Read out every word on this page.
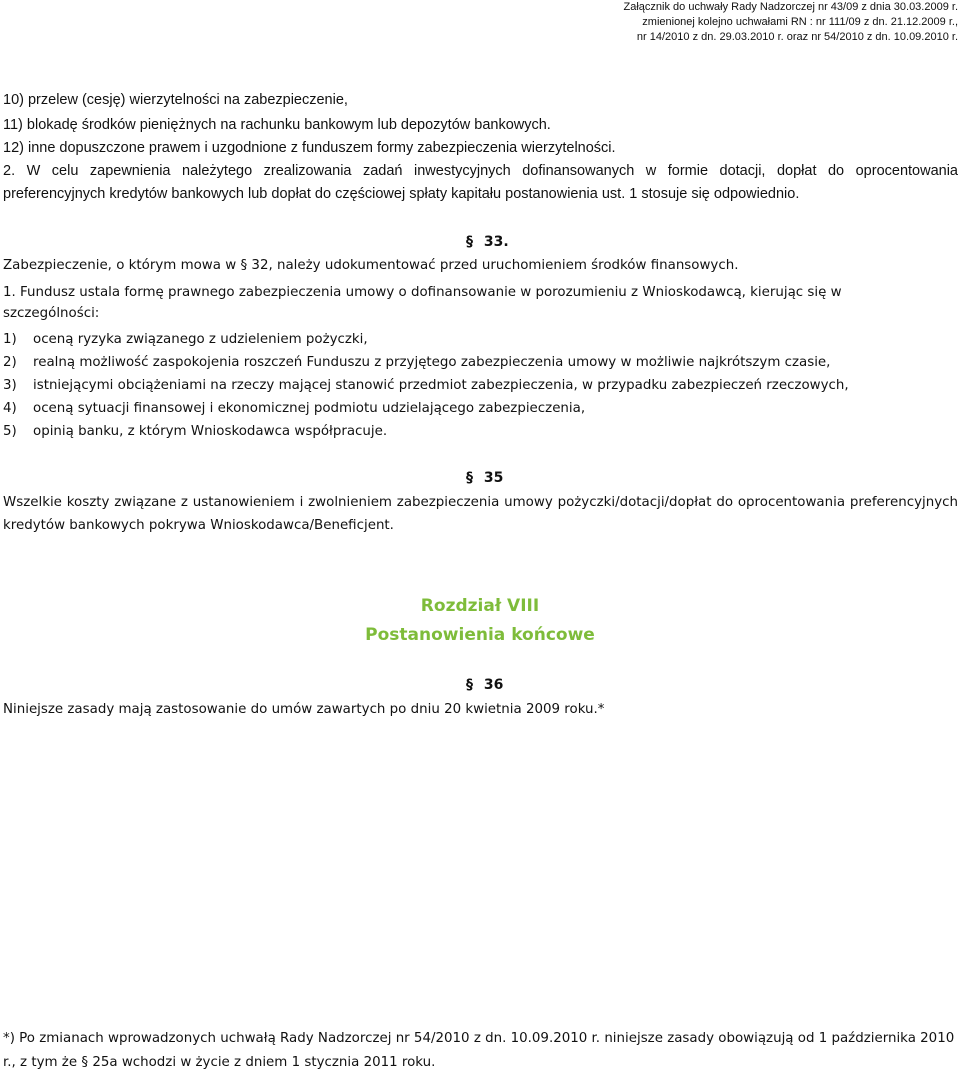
Załącznik do uchwały Rady Nadzorczej nr 43/09 z dnia 30.03.2009 r.
zmienionej kolejno uchwałami RN : nr 111/09 z dn. 21.12.2009 r.,
nr 14/2010 z dn. 29.03.2010 r. oraz nr 54/2010 z dn. 10.09.2010 r.
10) przelew (cesję) wierzytelności na zabezpieczenie,
11) blokadę środków pieniężnych na rachunku bankowym lub depozytów bankowych.
12) inne dopuszczone prawem i uzgodnione z funduszem formy zabezpieczenia wierzytelności.
2. W celu zapewnienia należytego zrealizowania zadań inwestycyjnych dofinansowanych w formie dotacji, dopłat do oprocentowania preferencyjnych kredytów bankowych lub dopłat do częściowej spłaty kapitału postanowienia ust. 1 stosuje się odpowiednio.
§ 33.
Zabezpieczenie, o którym mowa w § 32, należy udokumentować przed uruchomieniem środków finansowych.
1. Fundusz ustala formę prawnego zabezpieczenia umowy o dofinansowanie w porozumieniu z Wnioskodawcą, kierując się w
szczególności:
1) oceną ryzyka związanego z udzieleniem pożyczki,
2) realną możliwość zaspokojenia roszczeń Funduszu z przyjętego zabezpieczenia umowy w możliwie najkrótszym czasie,
3) istniejącymi obciążeniami na rzeczy mającej stanowić przedmiot zabezpieczenia, w przypadku zabezpieczeń rzeczowych,
4) oceną sytuacji finansowej i ekonomicznej podmiotu udzielającego zabezpieczenia,
5) opinią banku, z którym Wnioskodawca współpracuje.
§ 35
Wszelkie koszty związane z ustanowieniem i zwolnieniem zabezpieczenia umowy pożyczki/dotacji/dopłat do oprocentowania preferencyjnych kredytów bankowych pokrywa Wnioskodawca/Beneficjent.
Rozdział VIII
Postanowienia końcowe
§ 36
Niniejsze zasady mają zastosowanie do umów zawartych po dniu 20 kwietnia 2009 roku.*
*) Po zmianach wprowadzonych uchwałą Rady Nadzorczej nr 54/2010 z dn. 10.09.2010 r. niniejsze zasady obowiązują od 1 października 2010 r., z tym że § 25a wchodzi w życie z dniem 1 stycznia 2011 roku.
